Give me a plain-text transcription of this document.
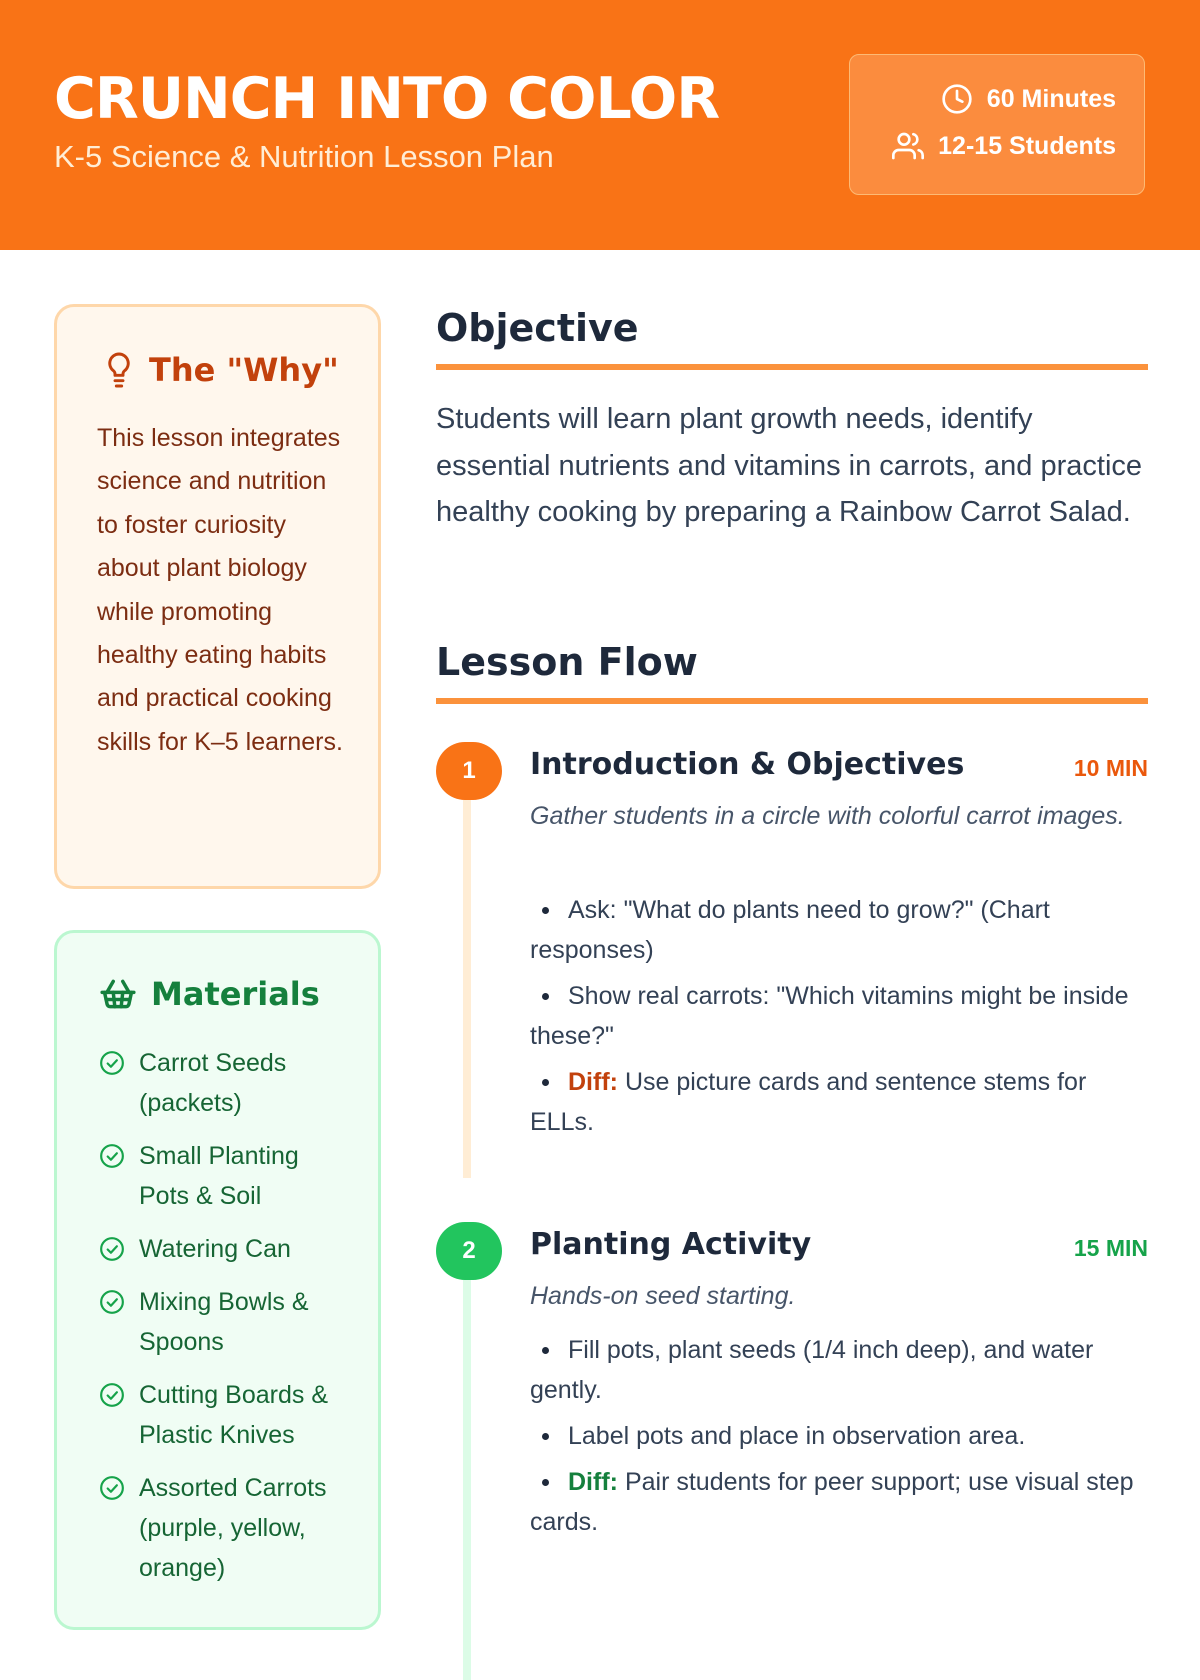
CRUNCH INTO COLOR
K-5 Science & Nutrition Lesson Plan
60 Minutes
12-15 Students
The "Why"

This lesson integrates science and nutrition to foster curiosity about plant biology while promoting healthy eating habits and practical cooking skills for K–5 learners.

Materials
Carrot Seeds (packets)
Small Planting Pots & Soil
Watering Can
Mixing Bowls & Spoons
Cutting Boards & Plastic Knives
Assorted Carrots (purple, yellow, orange)
Objective

Students will learn plant growth needs, identify essential nutrients and vitamins in carrots, and practice healthy cooking by preparing a Rainbow Carrot Salad.

Lesson Flow
1	Introduction & Objectives	10 MIN

Gather students in a circle with colorful carrot images.

Ask: "What do plants need to grow?" (Chart responses)
Show real carrots: "Which vitamins might be inside these?"
Diff: Use picture cards and sentence stems for ELLs.
2	Planting Activity	15 MIN

Hands-on seed starting.

Fill pots, plant seeds (1/4 inch deep), and water gently.
Label pots and place in observation area.
Diff: Pair students for peer support; use visual step cards.
